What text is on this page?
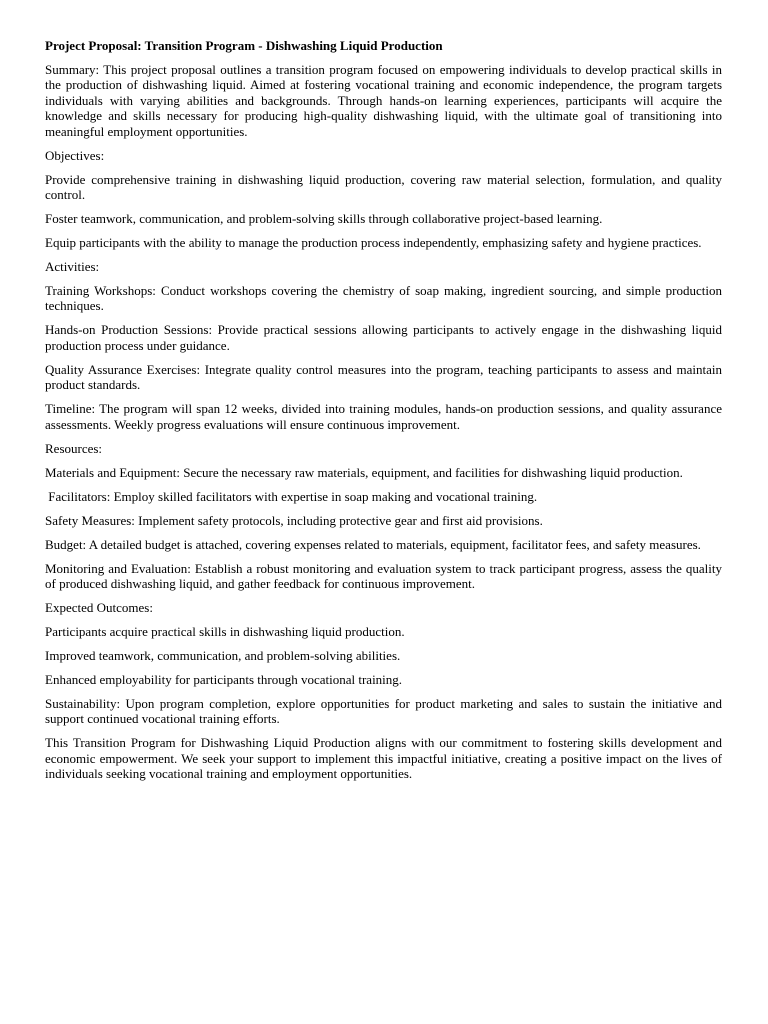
Project Proposal: Transition Program - Dishwashing Liquid Production

Summary: This project proposal outlines a transition program focused on empowering individuals to develop practical skills in the production of dishwashing liquid. Aimed at fostering vocational training and economic independence, the program targets individuals with varying abilities and backgrounds. Through hands-on learning experiences, participants will acquire the knowledge and skills necessary for producing high-quality dishwashing liquid, with the ultimate goal of transitioning into meaningful employment opportunities.

Objectives:

Provide comprehensive training in dishwashing liquid production, covering raw material selection, formulation, and quality control.

Foster teamwork, communication, and problem-solving skills through collaborative project-based learning.

Equip participants with the ability to manage the production process independently, emphasizing safety and hygiene practices.

Activities:

Training Workshops: Conduct workshops covering the chemistry of soap making, ingredient sourcing, and simple production techniques.

Hands-on Production Sessions: Provide practical sessions allowing participants to actively engage in the dishwashing liquid production process under guidance.

Quality Assurance Exercises: Integrate quality control measures into the program, teaching participants to assess and maintain product standards.

Timeline: The program will span 12 weeks, divided into training modules, hands-on production sessions, and quality assurance assessments. Weekly progress evaluations will ensure continuous improvement.

Resources:

Materials and Equipment: Secure the necessary raw materials, equipment, and facilities for dishwashing liquid production.

Facilitators: Employ skilled facilitators with expertise in soap making and vocational training.

Safety Measures: Implement safety protocols, including protective gear and first aid provisions.

Budget: A detailed budget is attached, covering expenses related to materials, equipment, facilitator fees, and safety measures.

Monitoring and Evaluation: Establish a robust monitoring and evaluation system to track participant progress, assess the quality of produced dishwashing liquid, and gather feedback for continuous improvement.

Expected Outcomes:

Participants acquire practical skills in dishwashing liquid production.

Improved teamwork, communication, and problem-solving abilities.

Enhanced employability for participants through vocational training.

Sustainability: Upon program completion, explore opportunities for product marketing and sales to sustain the initiative and support continued vocational training efforts.

This Transition Program for Dishwashing Liquid Production aligns with our commitment to fostering skills development and economic empowerment. We seek your support to implement this impactful initiative, creating a positive impact on the lives of individuals seeking vocational training and employment opportunities.
